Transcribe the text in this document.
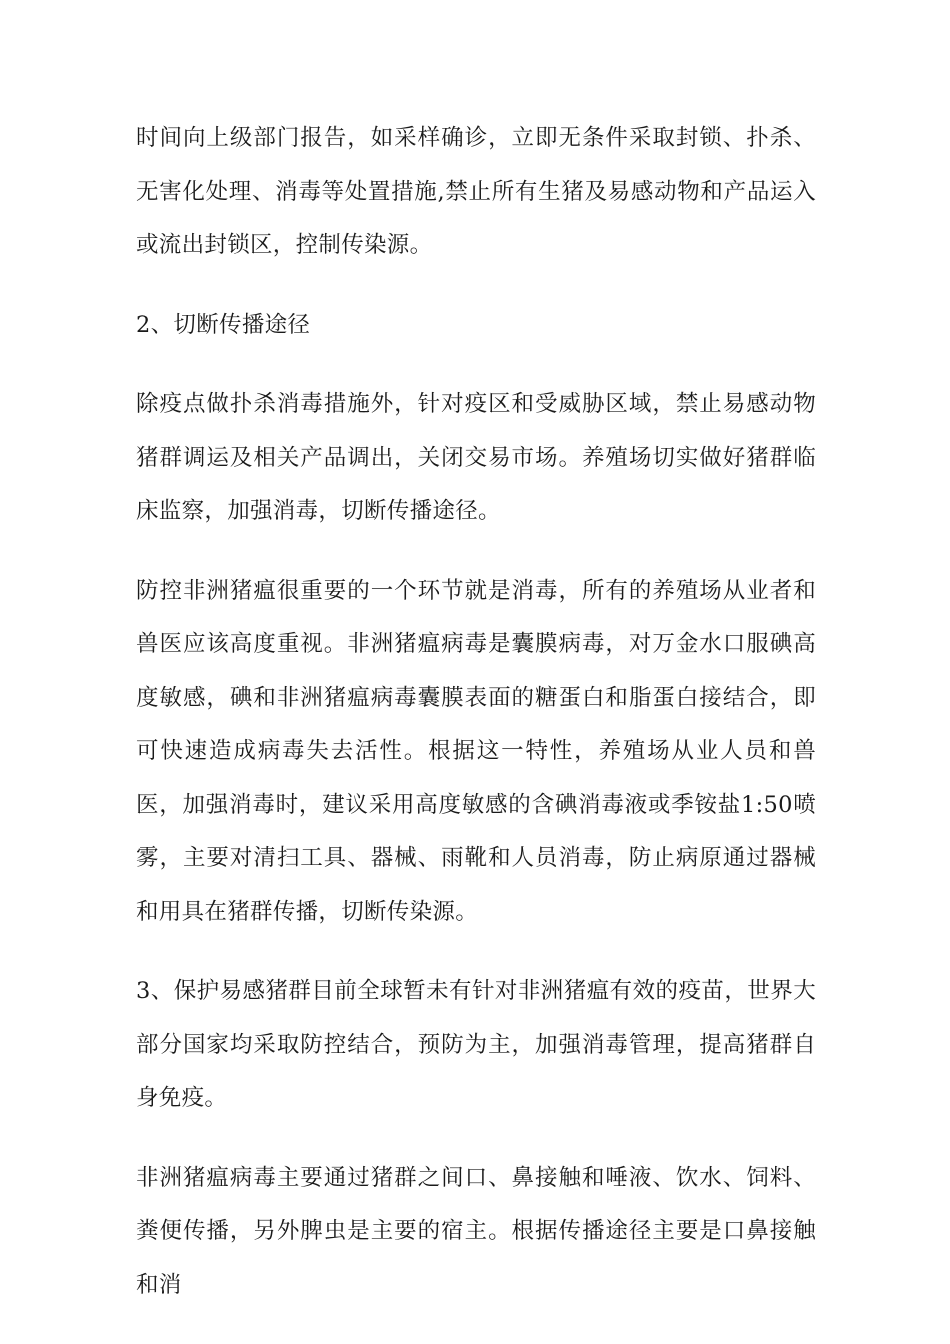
时间向上级部门报告，如采样确诊，立即无条件采取封锁、扑杀、无害化处理、消毒等处置措施,禁止所有生猪及易感动物和产品运入或流出封锁区，控制传染源。

2、切断传播途径

除疫点做扑杀消毒措施外，针对疫区和受威胁区域，禁止易感动物猪群调运及相关产品调出，关闭交易市场。养殖场切实做好猪群临床监察，加强消毒，切断传播途径。

防控非洲猪瘟很重要的一个环节就是消毒，所有的养殖场从业者和兽医应该高度重视。非洲猪瘟病毒是囊膜病毒，对万金水口服碘高度敏感，碘和非洲猪瘟病毒囊膜表面的糖蛋白和脂蛋白接结合，即可快速造成病毒失去活性。根据这一特性，养殖场从业人员和兽医，加强消毒时，建议采用高度敏感的含碘消毒液或季铵盐1:50喷雾，主要对清扫工具、器械、雨靴和人员消毒，防止病原通过器械和用具在猪群传播，切断传染源。

3、保护易感猪群目前全球暂未有针对非洲猪瘟有效的疫苗，世界大部分国家均采取防控结合，预防为主，加强消毒管理，提高猪群自身免疫。

非洲猪瘟病毒主要通过猪群之间口、鼻接触和唾液、饮水、饲料、粪便传播，另外脾虫是主要的宿主。根据传播途径主要是口鼻接触和消
